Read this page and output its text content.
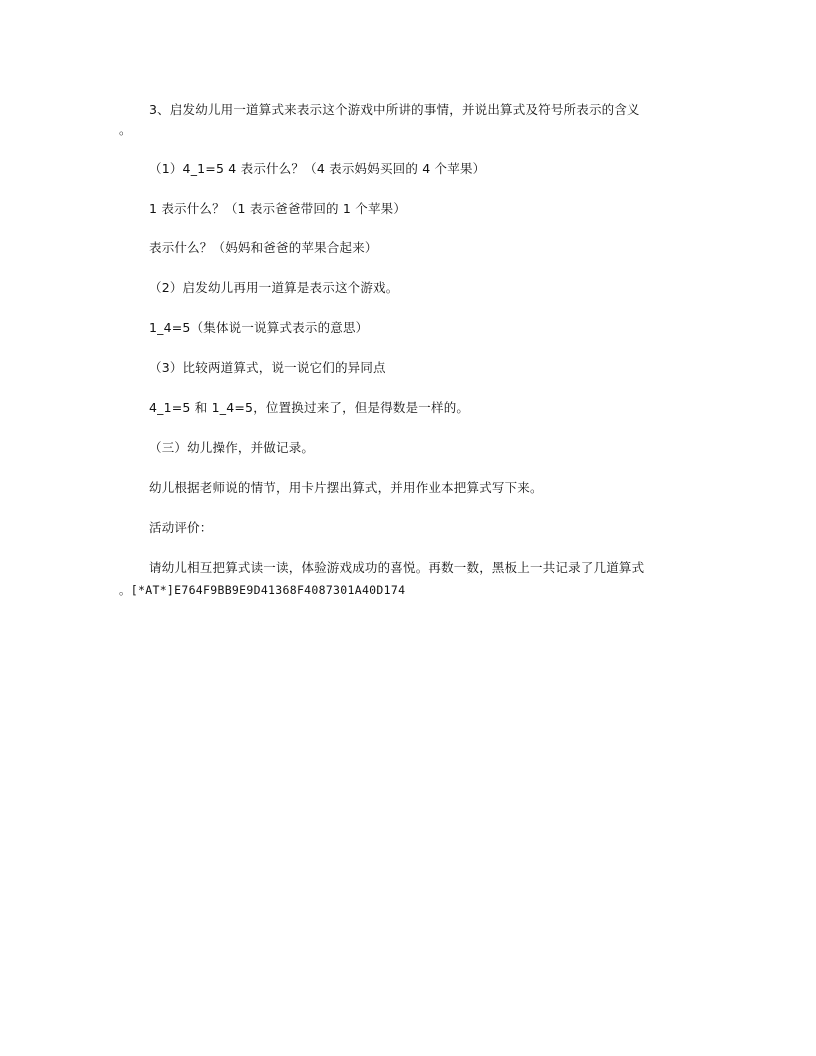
3、启发幼儿用一道算式来表示这个游戏中所讲的事情，并说出算式及符号所表示的含义
。
（1）4_1=5 4 表示什么？（4 表示妈妈买回的 4 个苹果）
1 表示什么？（1 表示爸爸带回的 1 个苹果）
表示什么？（妈妈和爸爸的苹果合起来）
（2）启发幼儿再用一道算是表示这个游戏。
1_4=5（集体说一说算式表示的意思）
（3）比较两道算式，说一说它们的异同点
4_1=5 和 1_4=5，位置换过来了，但是得数是一样的。
（三）幼儿操作，并做记录。
幼儿根据老师说的情节，用卡片摆出算式，并用作业本把算式写下来。
活动评价：
请幼儿相互把算式读一读，体验游戏成功的喜悦。再数一数，黑板上一共记录了几道算式
。[*AT*]E764F9BB9E9D41368F4087301A40D174
